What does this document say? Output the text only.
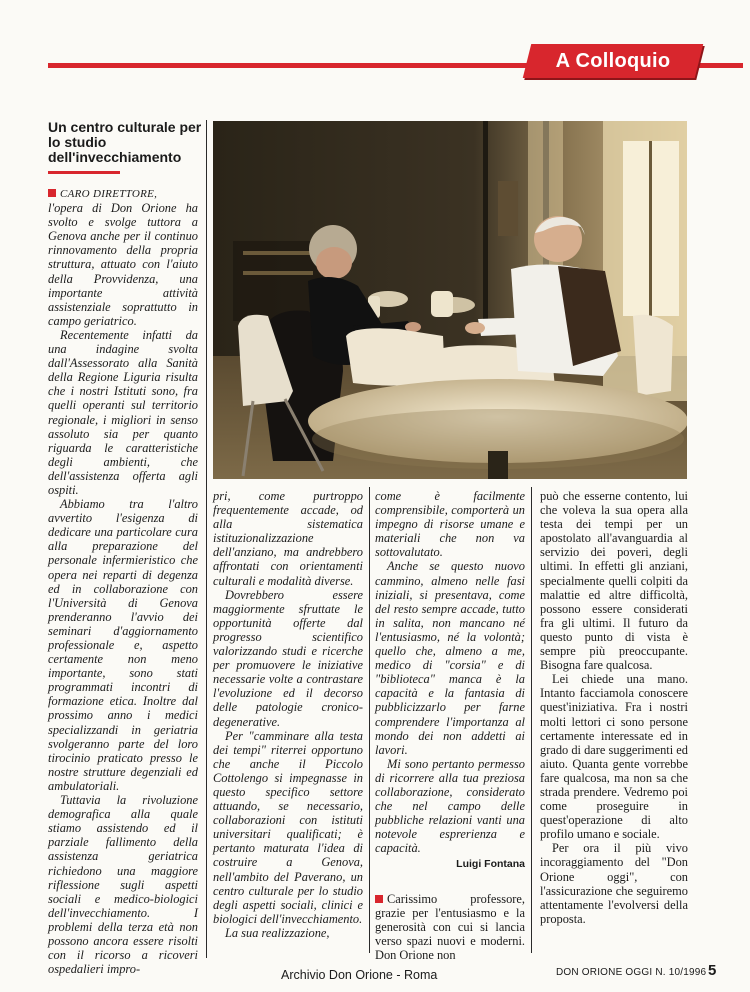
A Colloquio
Un centro culturale per lo studio dell'invecchiamento

CARO DIRETTORE,

l'opera di Don Orione ha svolto e svolge tuttora a Genova anche per il continuo rinnovamento della propria struttura, attuato con l'aiuto della Provvidenza, una importante attività assistenziale soprattutto in campo geriatrico.

Recentemente infatti da una indagine svolta dall'Assessorato alla Sanità della Regione Liguria risulta che i nostri Istituti sono, fra quelli operanti sul territorio regionale, i migliori in senso assoluto sia per quanto riguarda le caratteristiche degli ambienti, che dell'assistenza offerta agli ospiti.

Abbiamo tra l'altro avvertito l'esigenza di dedicare una particolare cura alla preparazione del personale infermieristico che opera nei reparti di degenza ed in collaborazione con l'Università di Genova prenderanno l'avvio dei seminari d'aggiornamento professionale e, aspetto certamente non meno importante, sono stati programmati incontri di formazione etica. Inoltre dal prossimo anno i medici specializzandi in geriatria svolgeranno parte del loro tirocinio praticato presso le nostre strutture degenziali ed ambulatoriali.

Tuttavia la rivoluzione demografica alla quale stiamo assistendo ed il parziale fallimento della assistenza geriatrica richiedono una maggiore riflessione sugli aspetti sociali e medico-biologici dell'invecchiamento. I problemi della terza età non possono ancora essere risolti con il ricorso a ricoveri ospedalieri impro-

pri, come purtroppo frequentemente accade, od alla sistematica istituzionalizzazione dell'anziano, ma andrebbero affrontati con orientamenti culturali e modalità diverse.

Dovrebbero essere maggiormente sfruttate le opportunità offerte dal progresso scientifico valorizzando studi e ricerche per promuovere le iniziative necessarie volte a contrastare l'evoluzione ed il decorso delle patologie cronico-degenerative.

Per "camminare alla testa dei tempi" riterrei opportuno che anche il Piccolo Cottolengo si impegnasse in questo specifico settore attuando, se necessario, collaborazioni con istituti universitari qualificati; è pertanto maturata l'idea di costruire a Genova, nell'ambito del Paverano, un centro culturale per lo studio degli aspetti sociali, clinici e biologici dell'invecchiamento.

La sua realizzazione,

come è facilmente comprensibile, comporterà un impegno di risorse umane e materiali che non va sottovalutato.

Anche se questo nuovo cammino, almeno nelle fasi iniziali, si presentava, come del resto sempre accade, tutto in salita, non mancano né l'entusiasmo, né la volontà; quello che, almeno a me, medico di "corsia" e di "biblioteca" manca è la capacità e la fantasia di pubblicizzarlo per farne comprendere l'importanza al mondo dei non addetti ai lavori.

Mi sono pertanto permesso di ricorrere alla tua preziosa collaborazione, considerato che nel campo delle pubbliche relazioni vanti una notevole esprerienza e capacità.

Luigi Fontana

Carissimo professore, grazie per l'entusiasmo e la generosità con cui si lancia verso spazi nuovi e moderni. Don Orione non

può che esserne contento, lui che voleva la sua opera alla testa dei tempi per un apostolato all'avanguardia al servizio dei poveri, degli ultimi. In effetti gli anziani, specialmente quelli colpiti da malattie ed altre difficoltà, possono essere considerati fra gli ultimi. Il futuro da questo punto di vista è sempre più preoccupante. Bisogna fare qualcosa.

Lei chiede una mano. Intanto facciamola conoscere quest'iniziativa. Fra i nostri molti lettori ci sono persone certamente interessate ed in grado di dare suggerimenti ed aiuto. Quanta gente vorrebbe fare qualcosa, ma non sa che strada prendere. Vedremo poi come proseguire in quest'operazione di alto profilo umano e sociale.

Per ora il più vivo incoraggiamento del "Don Orione oggi", con l'assicurazione che seguiremo attentamente l'evolversi della proposta.

Archivio Don Orione - Roma	DON ORIONE OGGI N. 10/1996 5
